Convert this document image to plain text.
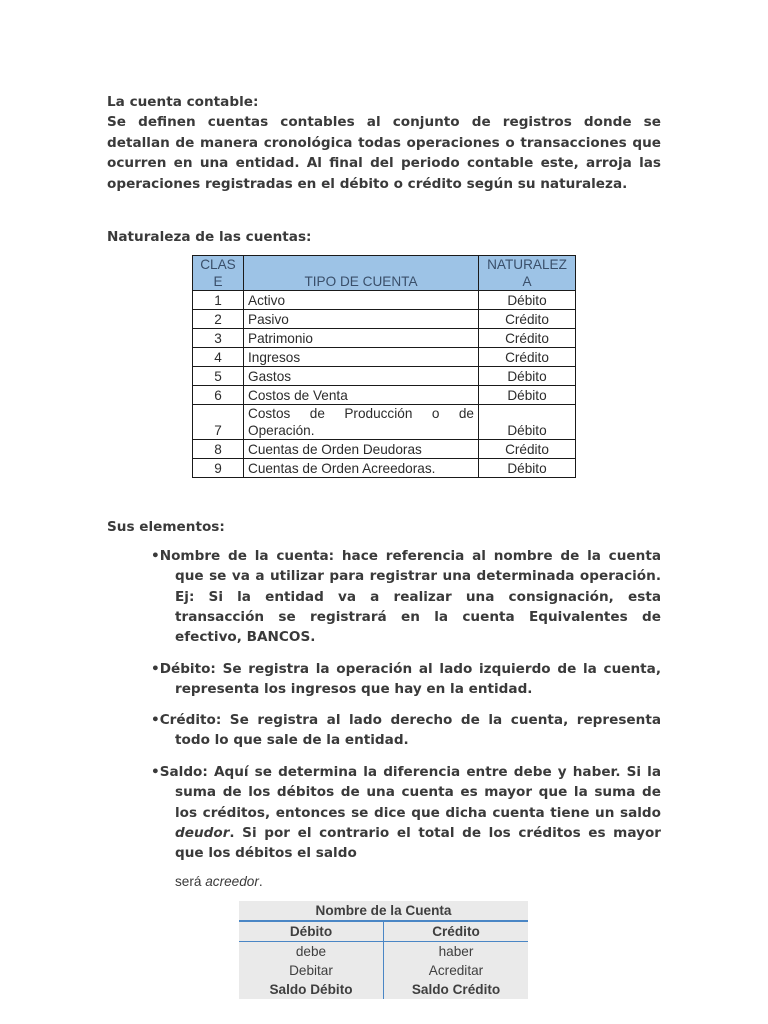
La cuenta contable:
Se definen cuentas contables al conjunto de registros donde se detallan de manera cronológica todas operaciones o transacciones que ocurren en una entidad. Al final del periodo contable este, arroja las operaciones registradas en el débito o crédito según su naturaleza.
Naturaleza de las cuentas:
CLASE	TIPO DE CUENTA	NATURALEZA
1	Activo	Débito
2	Pasivo	Crédito
3	Patrimonio	Crédito
4	Ingresos	Crédito
5	Gastos	Débito
6	Costos de Venta	Débito
7	Costos de Producción o de Operación.	Débito
8	Cuentas de Orden Deudoras	Crédito
9	Cuentas de Orden Acreedoras.	Débito
Sus elementos:
•Nombre de la cuenta: hace referencia al nombre de la cuenta que se va a utilizar para registrar una determinada operación. Ej: Si la entidad va a realizar una consignación, esta transacción se registrará en la cuenta Equivalentes de efectivo, BANCOS.
•Débito: Se registra la operación al lado izquierdo de la cuenta, representa los ingresos que hay en la entidad.
•Crédito: Se registra al lado derecho de la cuenta, representa todo lo que sale de la entidad.
•Saldo: Aquí se determina la diferencia entre debe y haber. Si la suma de los débitos de una cuenta es mayor que la suma de los créditos, entonces se dice que dicha cuenta tiene un saldo deudor. Si por el contrario el total de los créditos es mayor que los débitos el saldo
será acreedor.
Nombre de la Cuenta	
Débito	Crédito
debe	haber
Debitar	Acreditar
Saldo Débito	Saldo Crédito
